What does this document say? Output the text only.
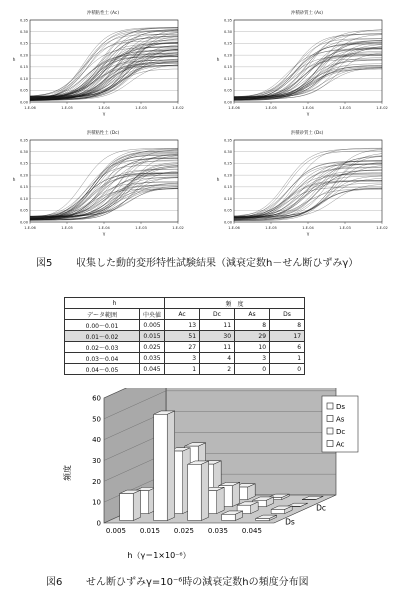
沖積粘性土 (Ac)
0.35
0.30
0.25
0.20
0.15
0.10
0.05
0.00
1.E-06	1.E-05	1.E-04	1.E-03	1.E-02
h
γ
沖積砂質土 (As)
0.35
0.30
0.25
0.20
0.15
0.10
0.05
0.00
1.E-06	1.E-05	1.E-04	1.E-03	1.E-02
h
γ
洪積粘性土 (Dc)
0.35
0.30
0.25
0.20
0.15
0.10
0.05
0.00
1.E-06	1.E-05	1.E-04	1.E-03	1.E-02
h
γ
洪積砂質土 (Ds)
0.35
0.30
0.25
0.20
0.15
0.10
0.05
0.00
1.E-06	1.E-05	1.E-04	1.E-03	1.E-02
h
γ
図5 収集した動的変形特性試験結果（減衰定数h－せん断ひずみγ）
h		頻　度			
データ範囲	中央値	Ac	Dc	As	Ds
0.00～0.01	0.005	13	11	8	8
0.01～0.02	0.015	51	30	29	17
0.02～0.03	0.025	27	11	10	6
0.03～0.04	0.035	3	4	3	1
0.04～0.05	0.045	1	2	0	0
0
10
20
30
40
50
60
0.005 0.015 0.025 0.035 0.045
Ds
Dc
頻度
h（γ＝1×10⁻⁶）
Ds
As
Dc
Ac
図6 せん断ひずみγ=10⁻⁶時の減衰定数hの頻度分布図
